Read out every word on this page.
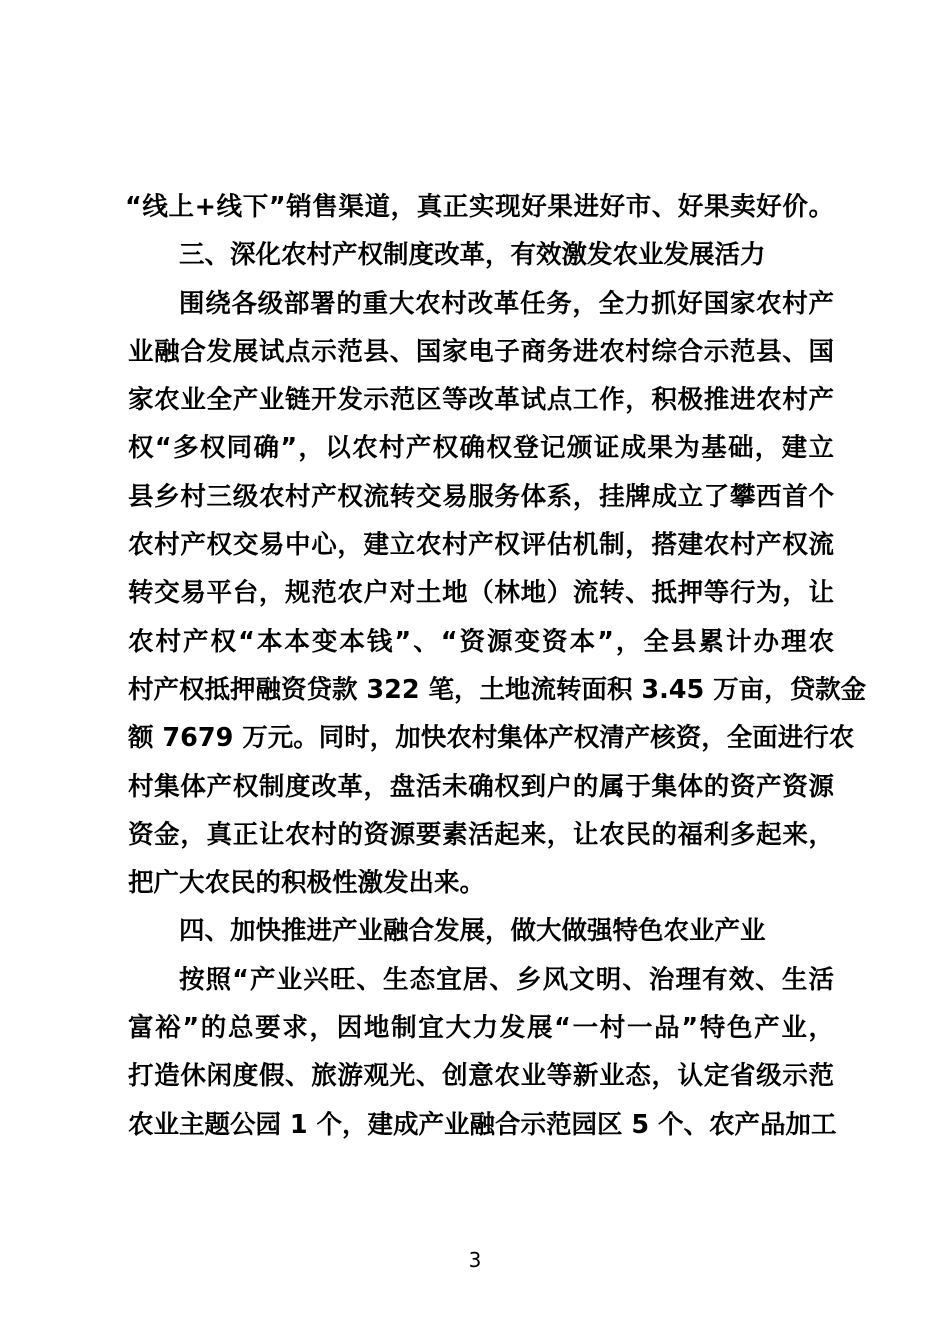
“线上+线下”销售渠道，真正实现好果进好市、好果卖好价。
三、深化农村产权制度改革，有效激发农业发展活力
围绕各级部署的重大农村改革任务，全力抓好国家农村产
业融合发展试点示范县、国家电子商务进农村综合示范县、国
家农业全产业链开发示范区等改革试点工作，积极推进农村产
权“多权同确”，以农村产权确权登记颁证成果为基础，建立
县乡村三级农村产权流转交易服务体系，挂牌成立了攀西首个
农村产权交易中心，建立农村产权评估机制，搭建农村产权流
转交易平台，规范农户对土地（林地）流转、抵押等行为，让
农村产权“本本变本钱”、“资源变资本”，全县累计办理农
村产权抵押融资贷款 322 笔，土地流转面积 3.45 万亩，贷款金
额 7679 万元。同时，加快农村集体产权清产核资，全面进行农
村集体产权制度改革，盘活未确权到户的属于集体的资产资源
资金，真正让农村的资源要素活起来，让农民的福利多起来，
把广大农民的积极性激发出来。
四、加快推进产业融合发展，做大做强特色农业产业
按照“产业兴旺、生态宜居、乡风文明、治理有效、生活
富裕”的总要求，因地制宜大力发展“一村一品”特色产业，
打造休闲度假、旅游观光、创意农业等新业态，认定省级示范
农业主题公园 1 个，建成产业融合示范园区 5 个、农产品加工
3
